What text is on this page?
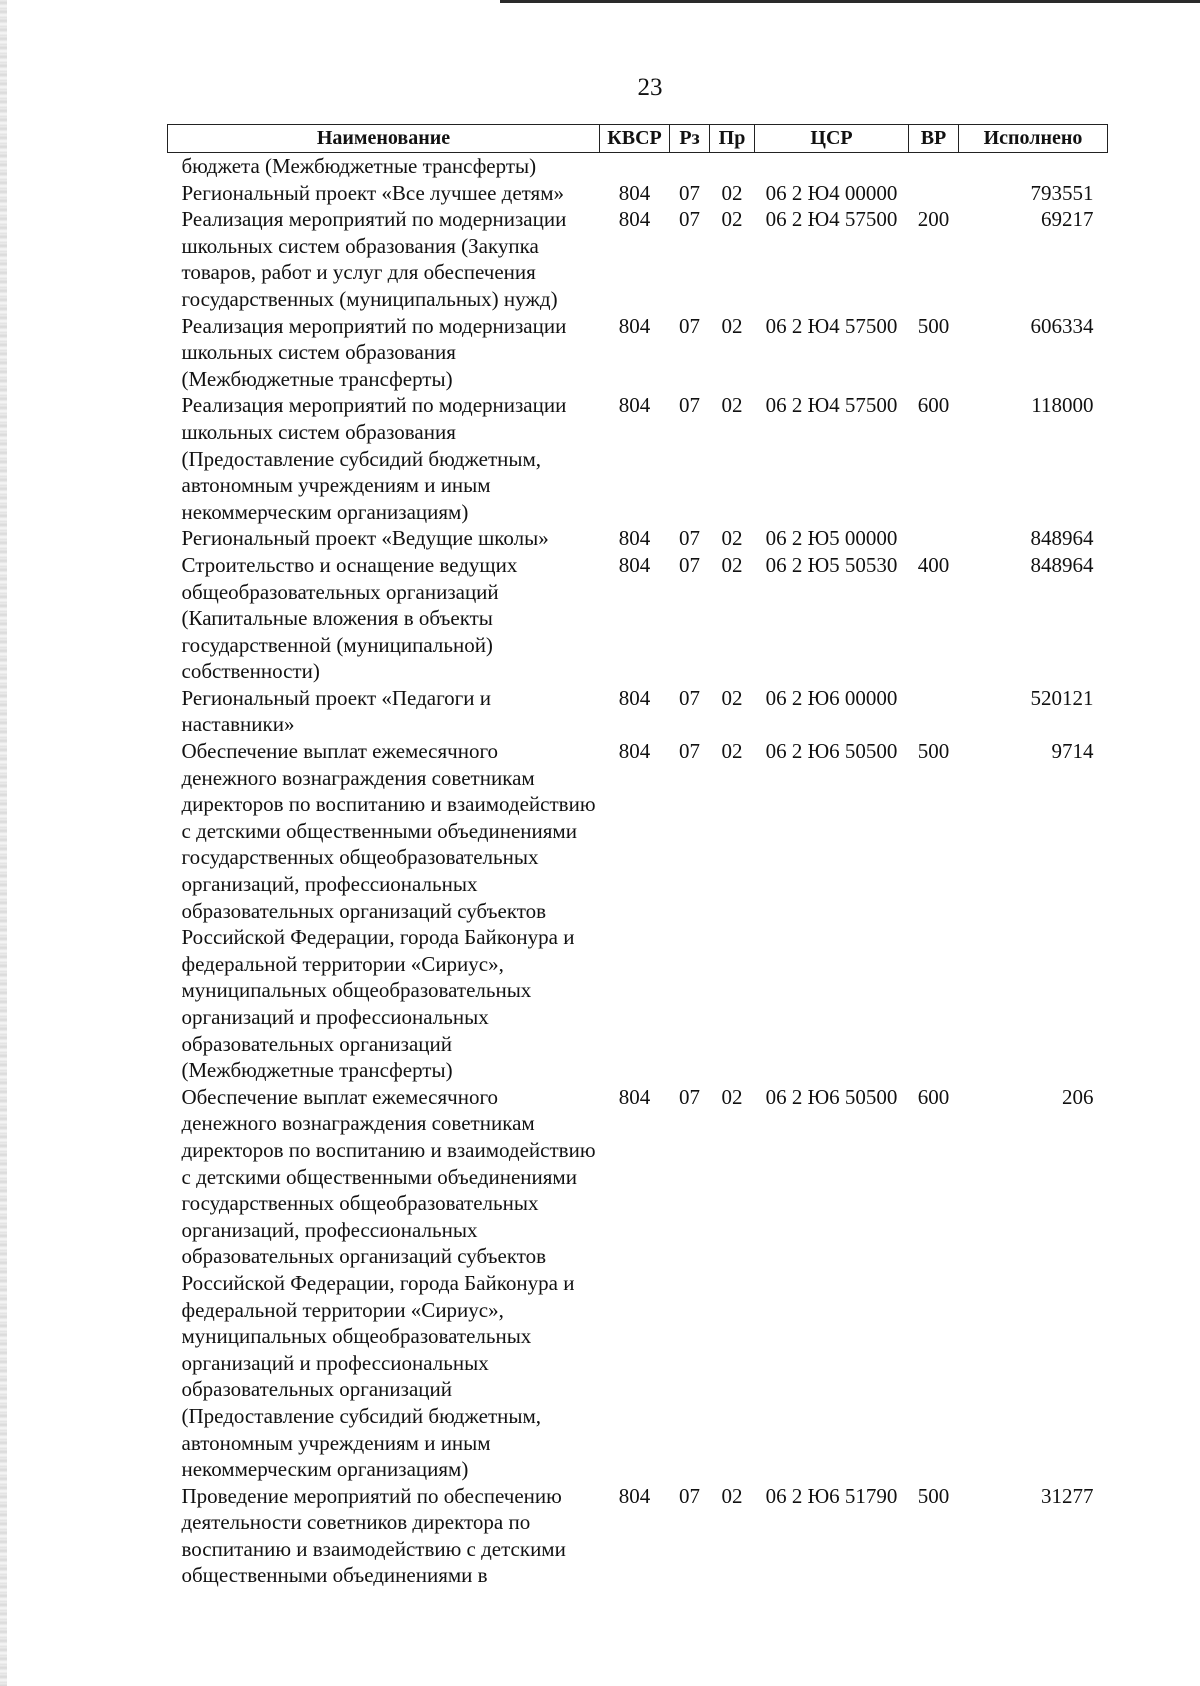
23
Наименование	КВСР	Рз	Пр	ЦСР	ВР	Исполнено
бюджета (Межбюджетные трансферты)						
Региональный проект «Все лучшее детям»	804	07	02	06 2 Ю4 00000		793551
Реализация мероприятий по модернизации школьных систем образования (Закупка товаров, работ и услуг для обеспечения государственных (муниципальных) нужд)	804	07	02	06 2 Ю4 57500	200	69217
Реализация мероприятий по модернизации школьных систем образования (Межбюджетные трансферты)	804	07	02	06 2 Ю4 57500	500	606334
Реализация мероприятий по модернизации школьных систем образования (Предоставление субсидий бюджетным, автономным учреждениям и иным некоммерческим организациям)	804	07	02	06 2 Ю4 57500	600	118000
Региональный проект «Ведущие школы»	804	07	02	06 2 Ю5 00000		848964
Строительство и оснащение ведущих общеобразовательных организаций (Капитальные вложения в объекты государственной (муниципальной) собственности)	804	07	02	06 2 Ю5 50530	400	848964
Региональный проект «Педагоги и наставники»	804	07	02	06 2 Ю6 00000		520121
Обеспечение выплат ежемесячного денежного вознаграждения советникам директоров по воспитанию и взаимодействию с детскими общественными объединениями государственных общеобразовательных организаций, профессиональных образовательных организаций субъектов Российской Федерации, города Байконура и федеральной территории «Сириус», муниципальных общеобразовательных организаций и профессиональных образовательных организаций (Межбюджетные трансферты)	804	07	02	06 2 Ю6 50500	500	9714
Обеспечение выплат ежемесячного денежного вознаграждения советникам директоров по воспитанию и взаимодействию с детскими общественными объединениями государственных общеобразовательных организаций, профессиональных образовательных организаций субъектов Российской Федерации, города Байконура и федеральной территории «Сириус», муниципальных общеобразовательных организаций и профессиональных образовательных организаций (Предоставление субсидий бюджетным, автономным учреждениям и иным некоммерческим организациям)	804	07	02	06 2 Ю6 50500	600	206
Проведение мероприятий по обеспечению деятельности советников директора по воспитанию и взаимодействию с детскими общественными объединениями в	804	07	02	06 2 Ю6 51790	500	31277
